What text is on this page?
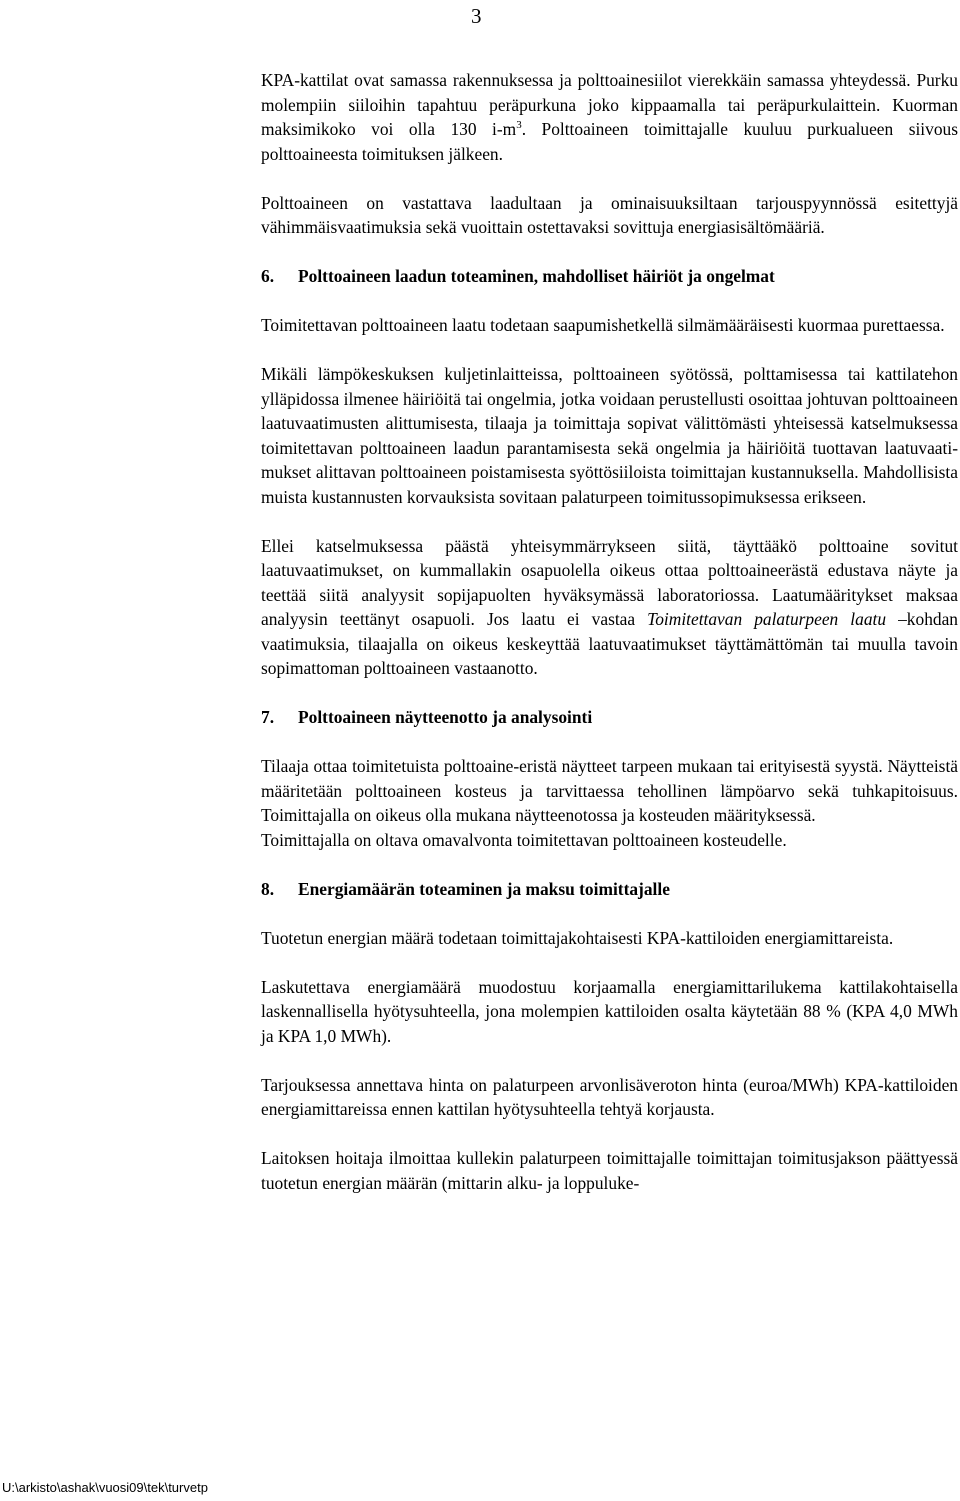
3

KPA-kattilat ovat samassa rakennuksessa ja polttoainesiilot vierekkäin samassa yhteydessä. Purku molempiin siiloihin tapahtuu peräpurkuna joko kippaamalla tai peräpurkulaittein. Kuorman maksimikoko voi olla 130 $i-m^3$. Polttoaineen toimittajalle kuuluu purkualueen siivous polttoaineesta toimituksen jälkeen.

Polttoaineen on vastattava laadultaan ja ominaisuuksiltaan tarjouspyynnössä esitettyjä vähimmäisvaatimuksia sekä vuoittain ostettavaksi sovittuja energiasisältömääriä.

6.	Polttoaineen laadun toteaminen, mahdolliset häiriöt ja ongelmat

Toimitettavan polttoaineen laatu todetaan saapumishetkellä silmämääräisesti kuormaa purettaessa.

Mikäli lämpökeskuksen kuljetinlaitteissa, polttoaineen syötössä, polttamisessa tai kattilatehon ylläpidossa ilmenee häiriöitä tai ongelmia, jotka voidaan perustellusti osoittaa johtuvan polttoaineen laatuvaatimusten alittumisesta, tilaaja ja toimittaja sopivat välittömästi yhteisessä katselmuksessa toimitettavan polttoaineen laadun parantamisesta sekä ongelmia ja häiriöitä tuottavan laatuvaatimukset alittavan polttoaineen poistamisesta syöttösiiloista toimittajan kustannuksella. Mahdollisista muista kustannusten korvauksista sovitaan palaturpeen toimitussopimuksessa erikseen.

Ellei katselmuksessa päästä yhteisymmärrykseen siitä, täyttääkö polttoaine sovitut laatuvaatimukset, on kummallakin osapuolella oikeus ottaa polttoaineerästä edustava näyte ja teettää siitä analyysit sopijapuolten hyväksymässä laboratoriossa. Laatumääritykset maksaa analyysin teettänyt osapuoli. Jos laatu ei vastaa Toimitettavan palaturpeen laatu –kohdan vaatimuksia, tilaajalla on oikeus keskeyttää laatuvaatimukset täyttämättömän tai muulla tavoin sopimattoman polttoaineen vastaanotto.

7.	Polttoaineen näytteenotto ja analysointi

Tilaaja ottaa toimitetuista polttoaine-eristä näytteet tarpeen mukaan tai erityisestä syystä. Näytteistä määritetään polttoaineen kosteus ja tarvittaessa tehollinen lämpöarvo sekä tuhkapitoisuus. Toimittajalla on oikeus olla mukana näytteenotossa ja kosteuden määrityksessä.

Toimittajalla on oltava omavalvonta toimitettavan polttoaineen kosteudelle.

8.	Energiamäärän toteaminen ja maksu toimittajalle

Tuotetun energian määrä todetaan toimittajakohtaisesti KPA-kattiloiden energiamittareista.

Laskutettava energiamäärä muodostuu korjaamalla energiamittarilukema kattilakohtaisella laskennallisella hyötysuhteella, jona molempien kattiloiden osalta käytetään 88 % (KPA 4,0 MWh ja KPA 1,0 MWh).

Tarjouksessa annettava hinta on palaturpeen arvonlisäveroton hinta (euroa/MWh) KPA-kattiloiden energiamittareissa ennen kattilan hyötysuhteella tehtyä korjausta.

Laitoksen hoitaja ilmoittaa kullekin palaturpeen toimittajalle toimittajan toimitusjakson päättyessä tuotetun energian määrän (mittarin alku- ja loppuluke-

U:\arkisto\ashak\vuosi09\tek\turvetp
